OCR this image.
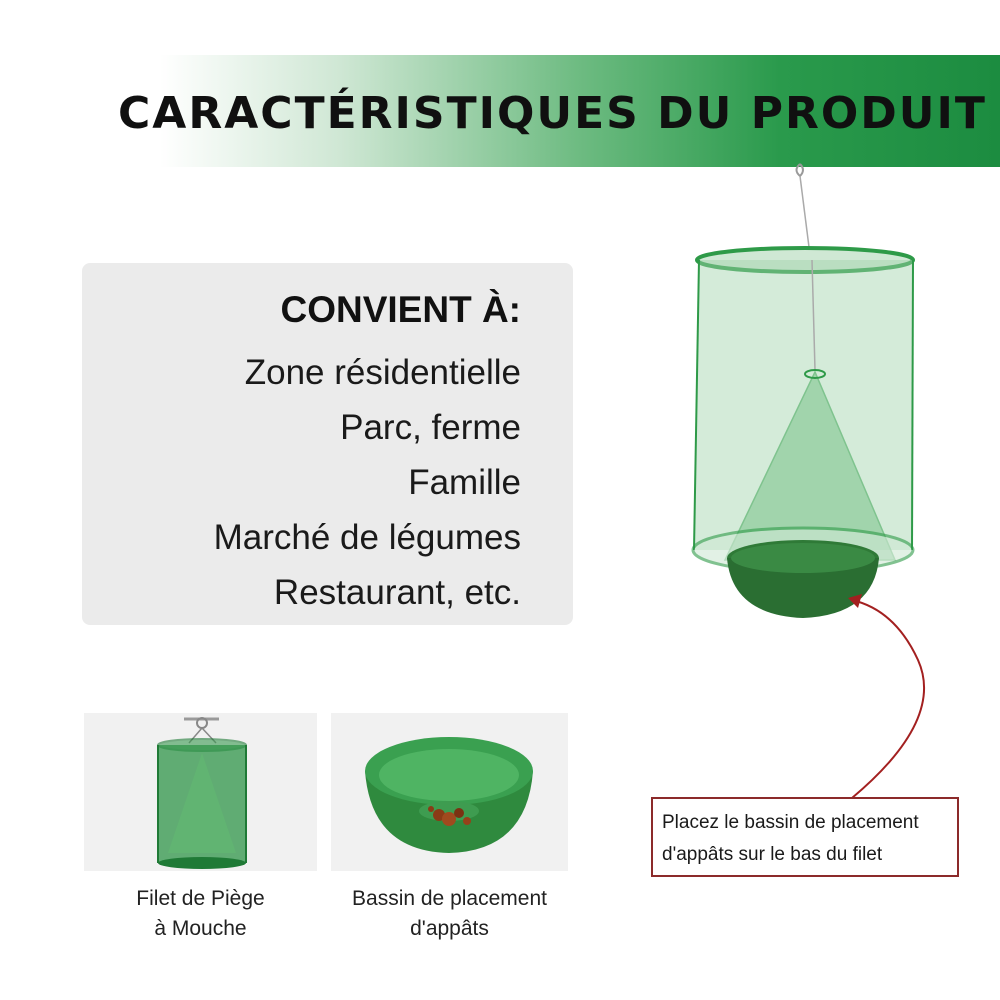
CARACTÉRISTIQUES DU PRODUIT
CONVIENT À:
Zone résidentielle
Parc, ferme
Famille
Marché de légumes
Restaurant, etc.
Filet de Piège
à Mouche
Bassin de placement
d'appâts
Placez le bassin de placement
d'appâts sur le bas du filet
